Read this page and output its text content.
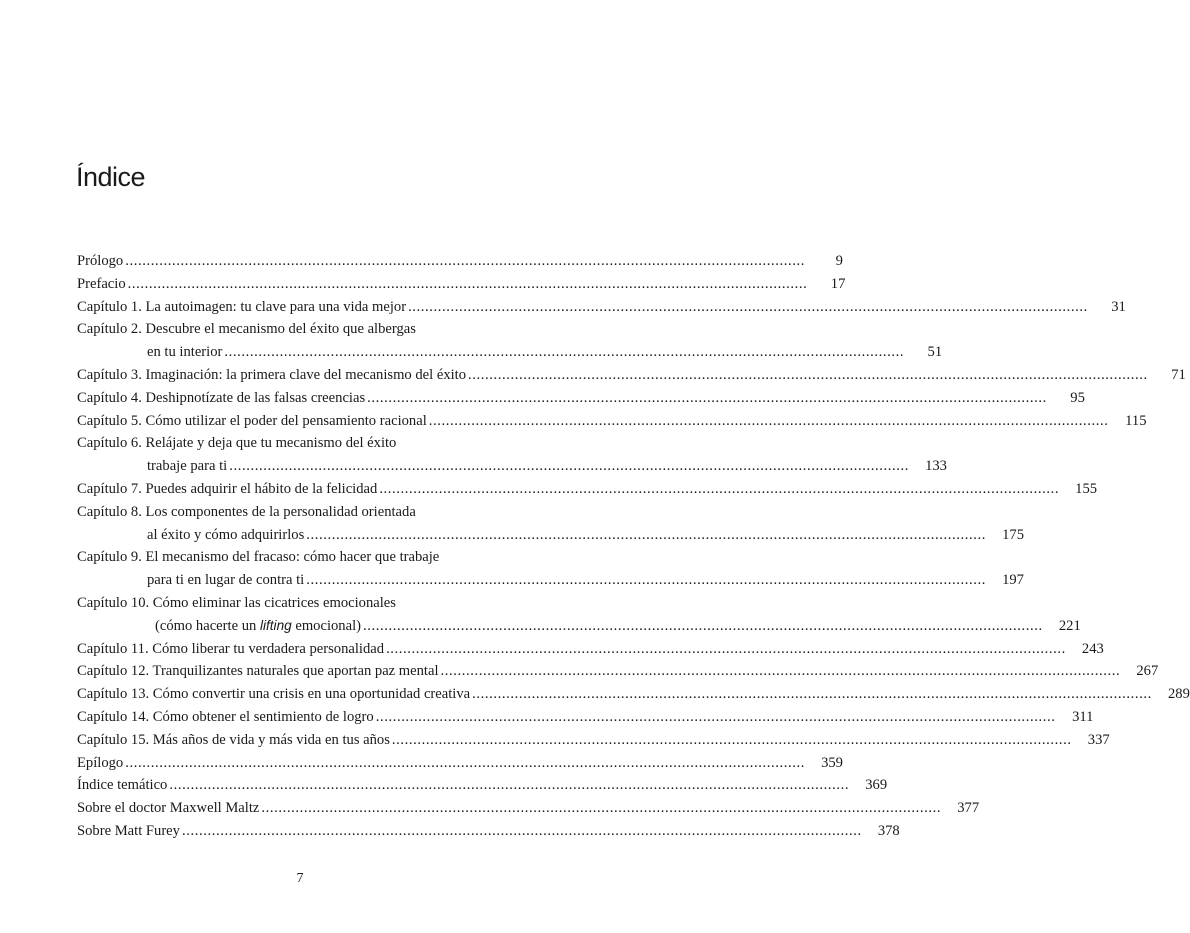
Índice
Prólogo .....	9
Prefacio .....	17
Capítulo 1. La autoimagen: tu clave para una vida mejor .....	31
Capítulo 2. Descubre el mecanismo del éxito que albergas
en tu interior .....	51
Capítulo 3. Imaginación: la primera clave del mecanismo del éxito .....	71
Capítulo 4. Deshipnotízate de las falsas creencias .....	95
Capítulo 5. Cómo utilizar el poder del pensamiento racional .....	115
Capítulo 6. Relájate y deja que tu mecanismo del éxito
trabaje para ti .....	133
Capítulo 7. Puedes adquirir el hábito de la felicidad .....	155
Capítulo 8. Los componentes de la personalidad orientada
al éxito y cómo adquirirlos .....	175
Capítulo 9. El mecanismo del fracaso: cómo hacer que trabaje
para ti en lugar de contra ti .....	197
Capítulo 10. Cómo eliminar las cicatrices emocionales
(cómo hacerte un lifting emocional) .....	221
Capítulo 11. Cómo liberar tu verdadera personalidad .....	243
Capítulo 12. Tranquilizantes naturales que aportan paz mental .....	267
Capítulo 13. Cómo convertir una crisis en una oportunidad creativa .....	289
Capítulo 14. Cómo obtener el sentimiento de logro .....	311
Capítulo 15. Más años de vida y más vida en tus años .....	337
Epílogo .....	359
Índice temático .....	369
Sobre el doctor Maxwell Maltz .....	377
Sobre Matt Furey .....	378
7
